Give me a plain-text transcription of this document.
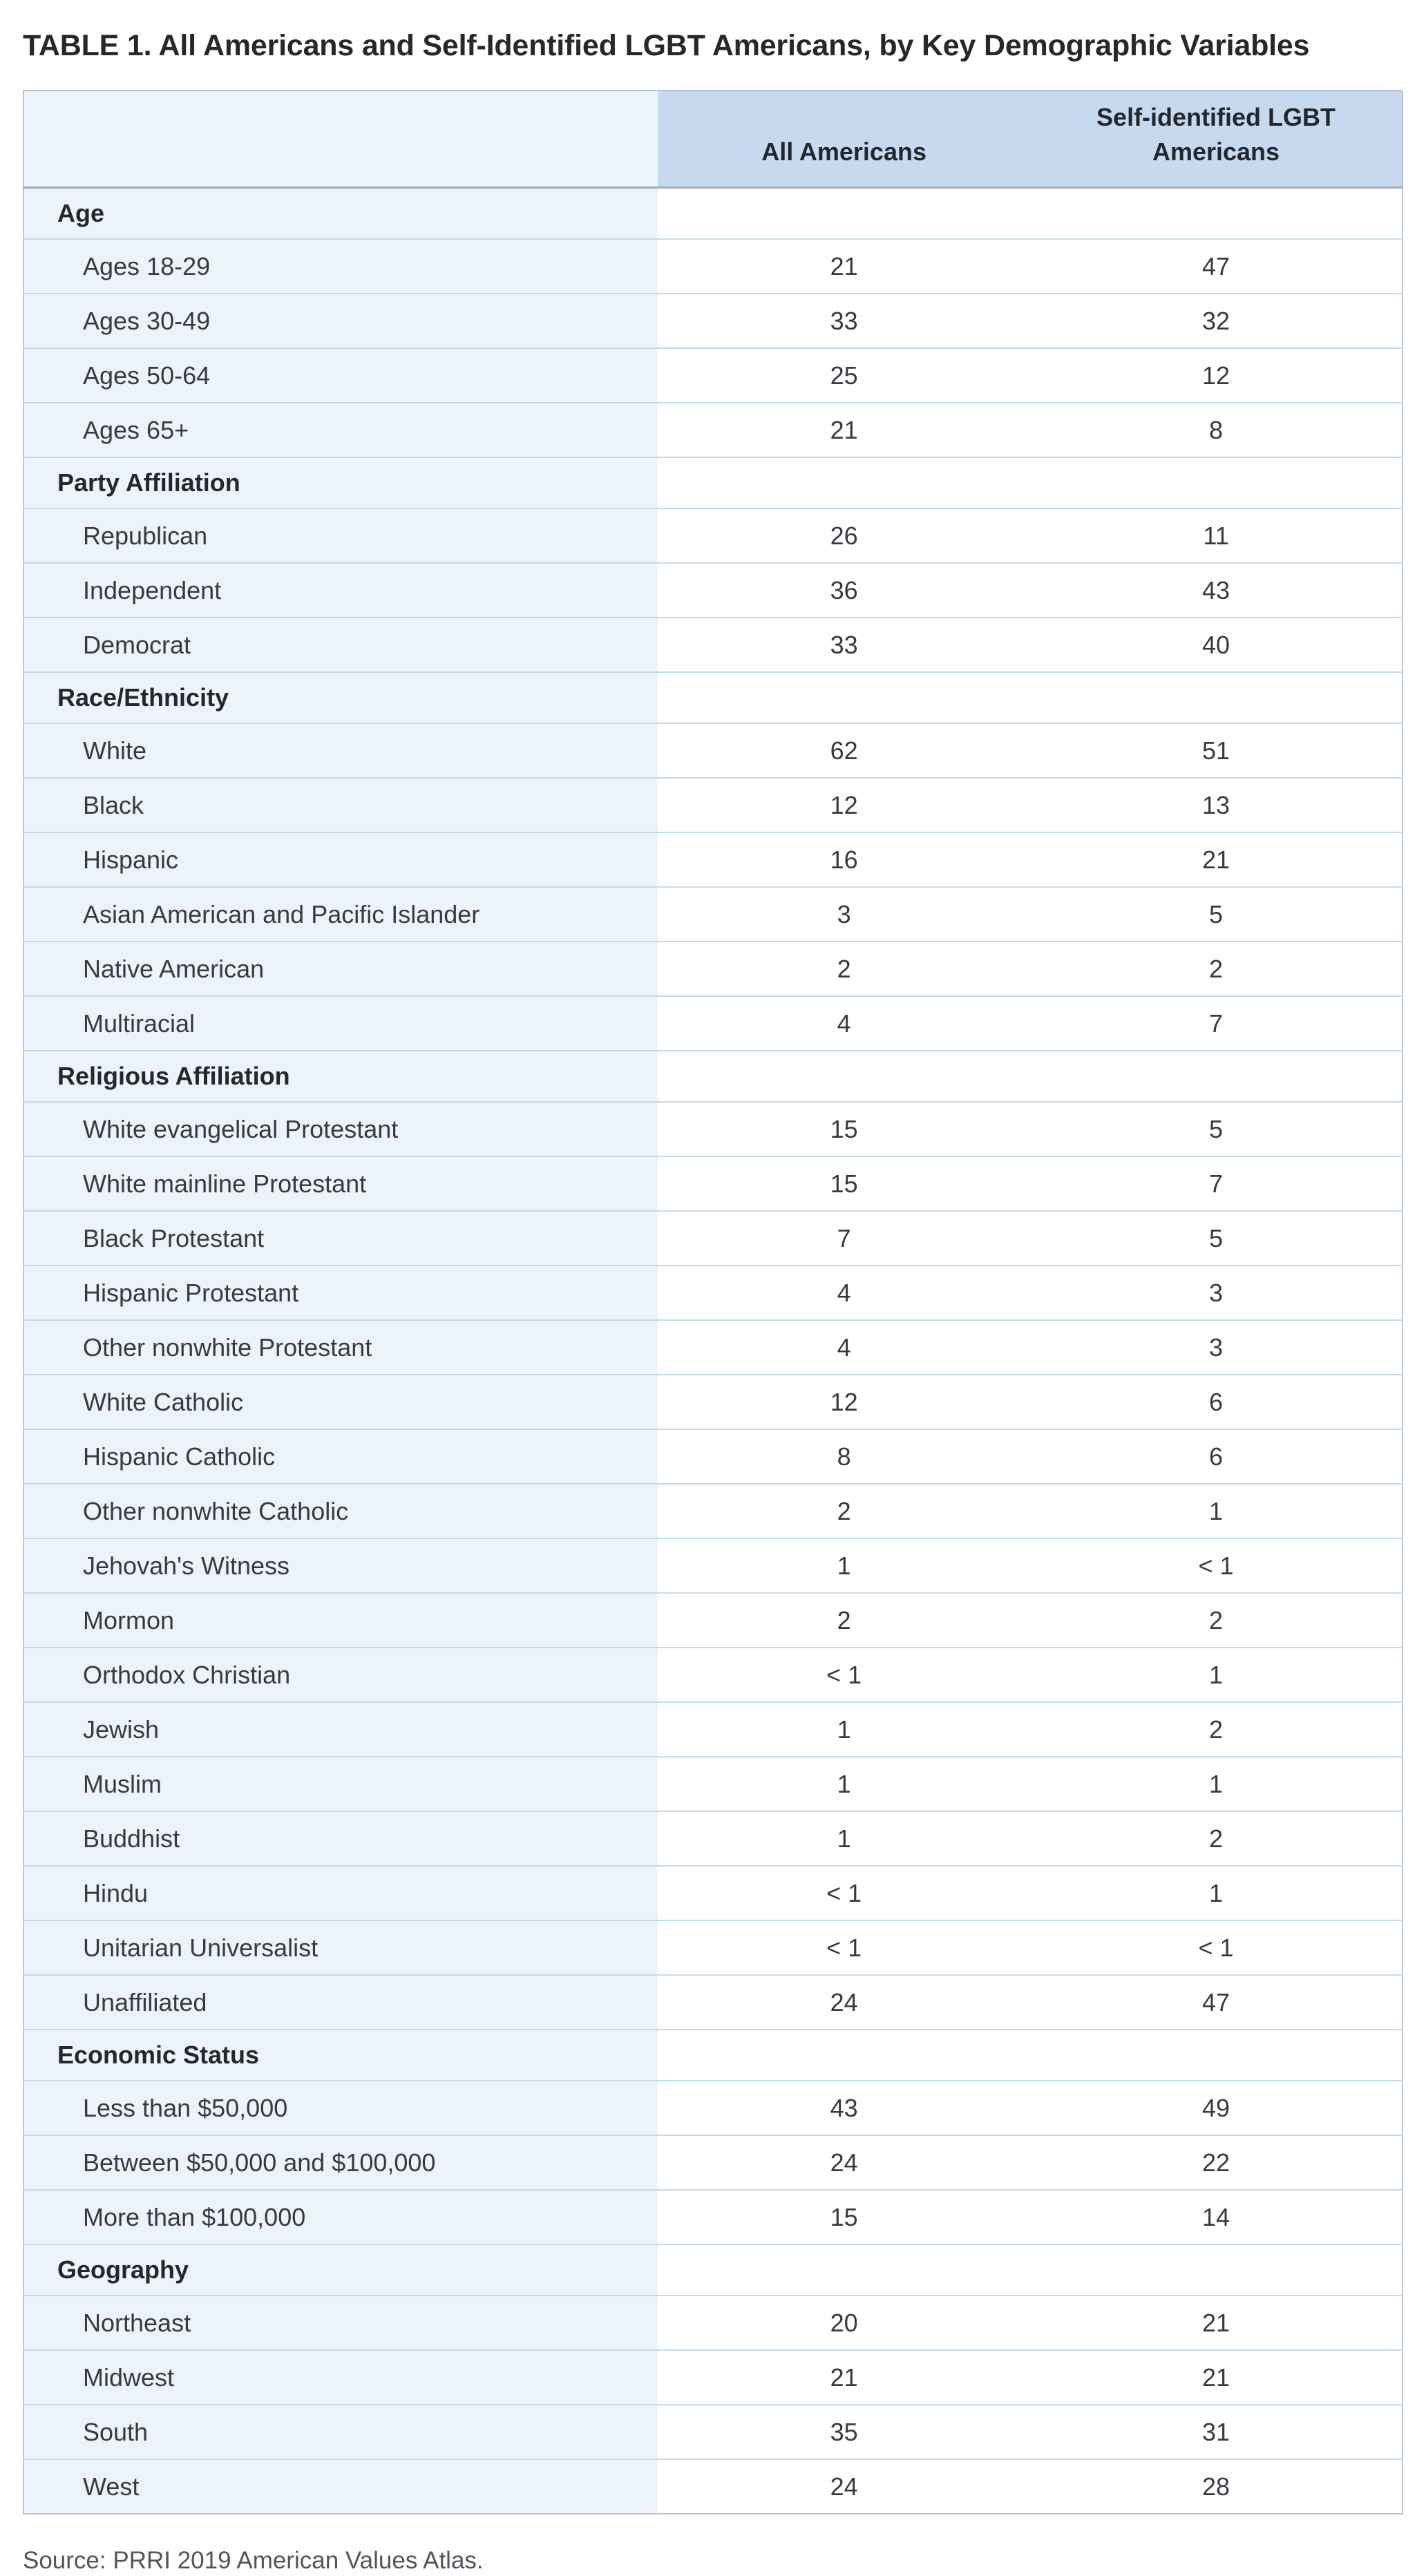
TABLE 1. All Americans and Self-Identified LGBT Americans, by Key Demographic Variables
	All Americans	Self-identified LGBT Americans
Age		
Ages 18-29	21	47
Ages 30-49	33	32
Ages 50-64	25	12
Ages 65+	21	8
Party Affiliation		
Republican	26	11
Independent	36	43
Democrat	33	40
Race/Ethnicity		
White	62	51
Black	12	13
Hispanic	16	21
Asian American and Pacific Islander	3	5
Native American	2	2
Multiracial	4	7
Religious Affiliation		
White evangelical Protestant	15	5
White mainline Protestant	15	7
Black Protestant	7	5
Hispanic Protestant	4	3
Other nonwhite Protestant	4	3
White Catholic	12	6
Hispanic Catholic	8	6
Other nonwhite Catholic	2	1
Jehovah's Witness	1	< 1
Mormon	2	2
Orthodox Christian	< 1	1
Jewish	1	2
Muslim	1	1
Buddhist	1	2
Hindu	< 1	1
Unitarian Universalist	< 1	< 1
Unaffiliated	24	47
Economic Status		
Less than $50,000	43	49
Between $50,000 and $100,000	24	22
More than $100,000	15	14
Geography		
Northeast	20	21
Midwest	21	21
South	35	31
West	24	28

Source: PRRI 2019 American Values Atlas.
